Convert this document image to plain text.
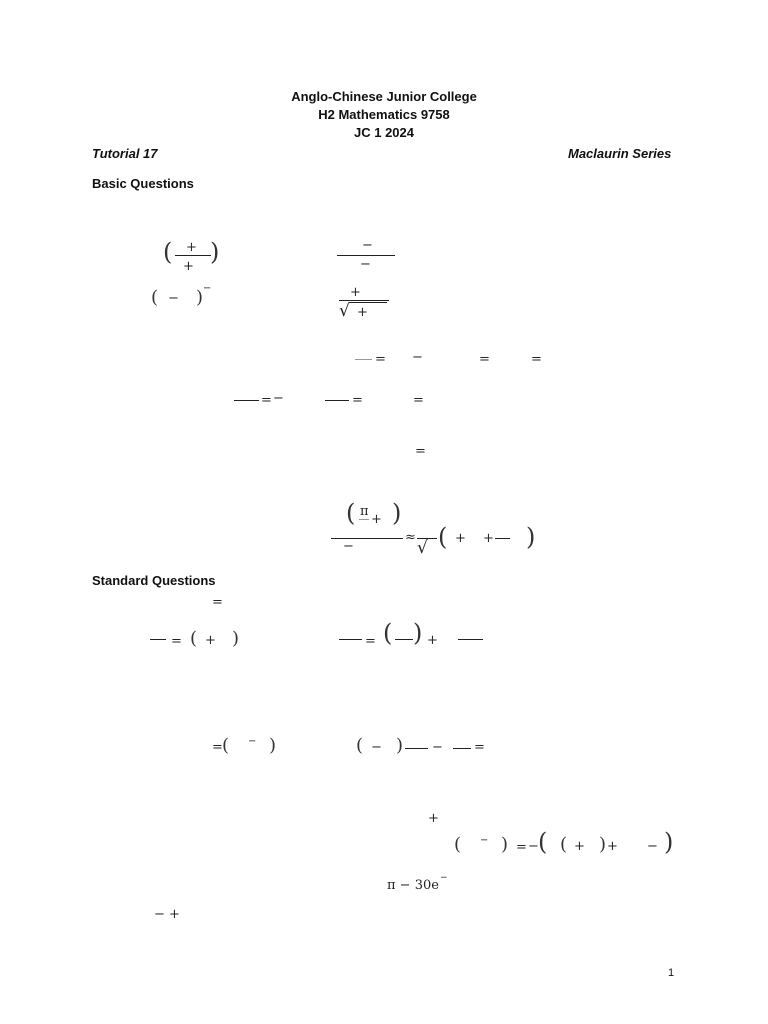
Anglo-Chinese Junior College
H2 Mathematics 9758
JC 1 2024
Tutorial 17	Maclaurin Series
Basic Questions
( +
+
)	−
−
( − ) −	+
√ +
= −	=	=
= −	=	=
=
( π
+ )
−
≈
√ ( + + )
Standard Questions
=
= ( + )	= ( ) +
= ( − )	( − ) − =
+
( − ) = − ( ( + ) + − )
π − 30e −
− +
1
